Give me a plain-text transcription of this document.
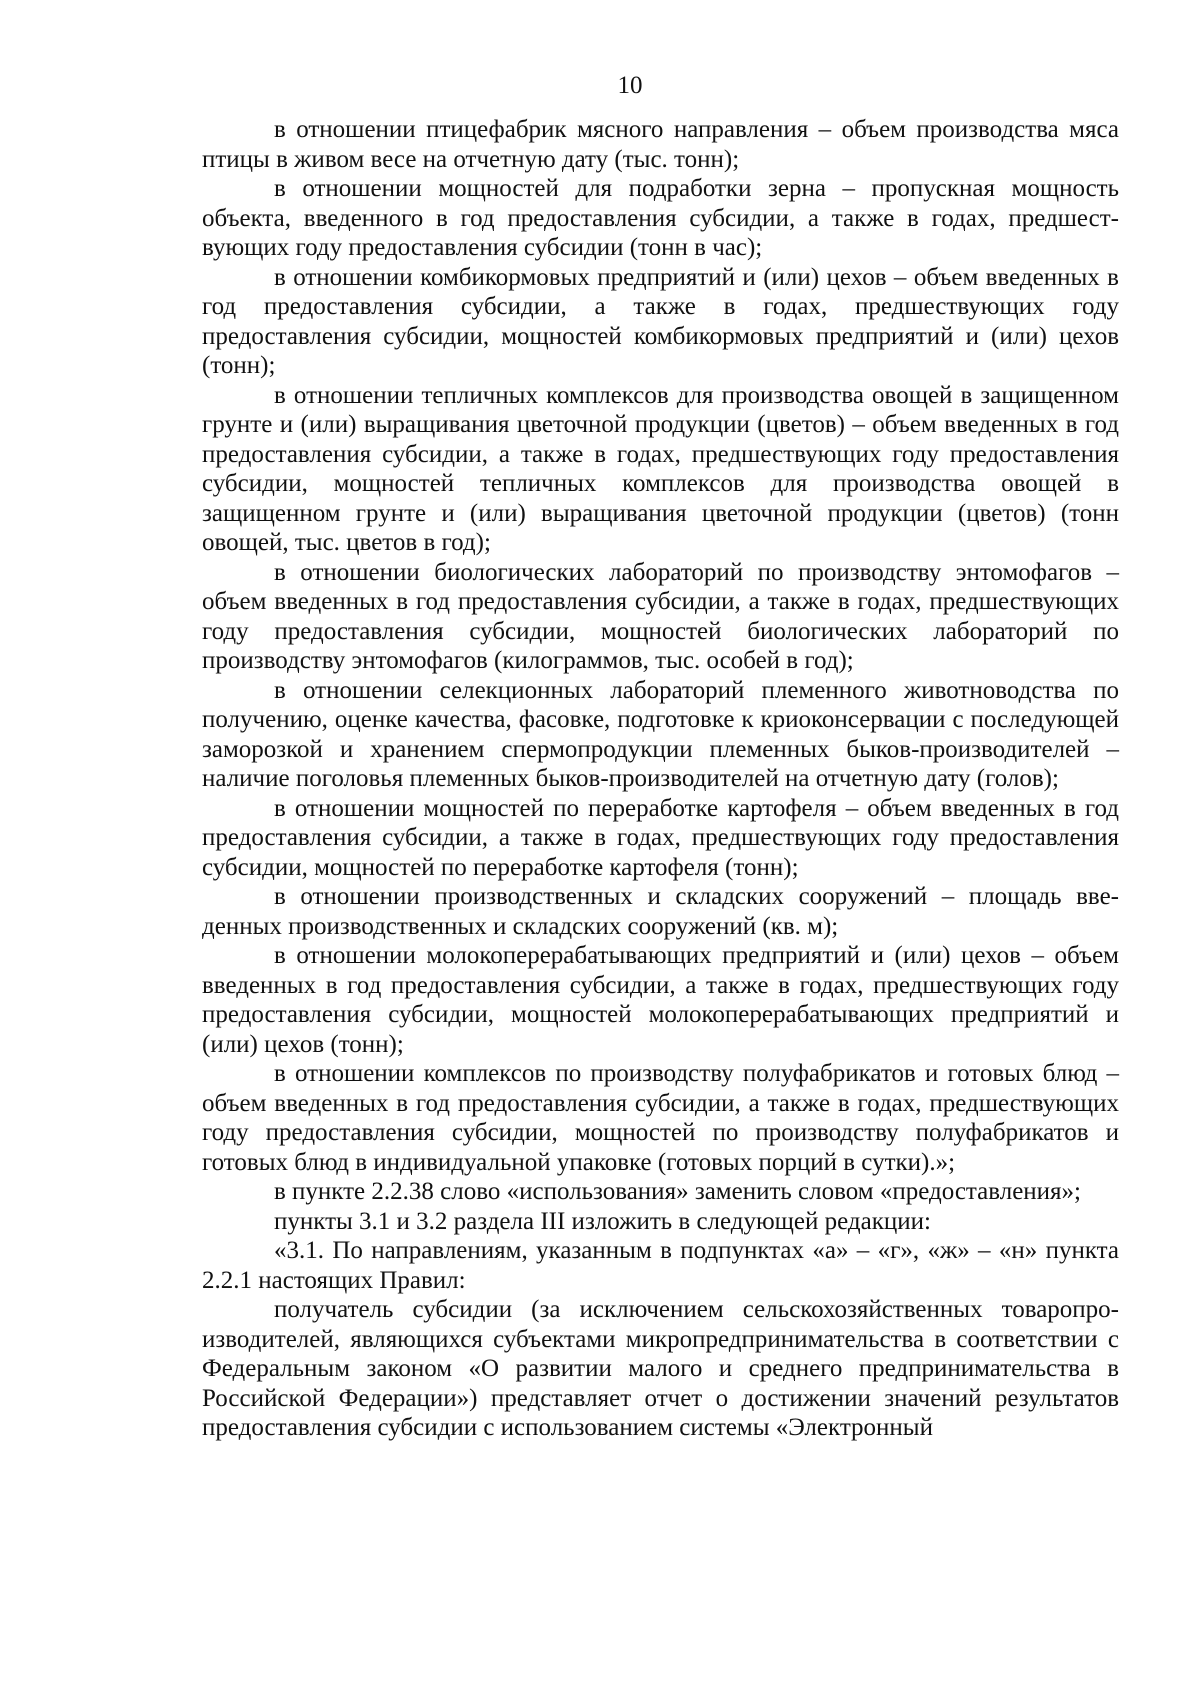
10

в отношении птицефабрик мясного направления – объем производства мяса птицы в живом весе на отчетную дату (тыс. тонн);

в отношении мощностей для подработки зерна – пропускная мощность объекта, введенного в год предоставления субсидии, а также в годах, предшествующих году предоставления субсидии (тонн в час);

в отношении комбикормовых предприятий и (или) цехов – объем введенных в год предоставления субсидии, а также в годах, предшествующих году предоставления субсидии, мощностей комбикормовых предприятий и (или) цехов (тонн);

в отношении тепличных комплексов для производства овощей в защищенном грунте и (или) выращивания цветочной продукции (цветов) – объем введенных в год предоставления субсидии, а также в годах, предшествующих году предоставления субсидии, мощностей тепличных комплексов для производства овощей в защищенном грунте и (или) выращивания цветочной продукции (цветов) (тонн овощей, тыс. цветов в год);

в отношении биологических лабораторий по производству энтомофагов – объем введенных в год предоставления субсидии, а также в годах, предшествующих году предоставления субсидии, мощностей биологических лабораторий по производству энтомофагов (килограммов, тыс. особей в год);

в отношении селекционных лабораторий племенного животноводства по получению, оценке качества, фасовке, подготовке к криоконсервации с последующей заморозкой и хранением спермопродукции племенных быков-производителей – наличие поголовья племенных быков-производителей на отчетную дату (голов);

в отношении мощностей по переработке картофеля – объем введенных в год предоставления субсидии, а также в годах, предшествующих году предоставления субсидии, мощностей по переработке картофеля (тонн);

в отношении производственных и складских сооружений – площадь введенных производственных и складских сооружений (кв. м);

в отношении молокоперерабатывающих предприятий и (или) цехов – объем введенных в год предоставления субсидии, а также в годах, предшествующих году предоставления субсидии, мощностей молокоперерабатывающих предприятий и (или) цехов (тонн);

в отношении комплексов по производству полуфабрикатов и готовых блюд – объем введенных в год предоставления субсидии, а также в годах, предшествующих году предоставления субсидии, мощностей по производству полуфабрикатов и готовых блюд в индивидуальной упаковке (готовых порций в сутки).»;

в пункте 2.2.38 слово «использования» заменить словом «предоставления»;

пункты 3.1 и 3.2 раздела III изложить в следующей редакции:

«3.1. По направлениям, указанным в подпунктах «а» – «г», «ж» – «н» пункта 2.2.1 настоящих Правил:

получатель субсидии (за исключением сельскохозяйственных товаропроизводителей, являющихся субъектами микропредпринимательства в соответствии с Федеральным законом «О развитии малого и среднего предпринимательства в Российской Федерации») представляет отчет о достижении значений результатов предоставления субсидии с использованием системы «Электронный
